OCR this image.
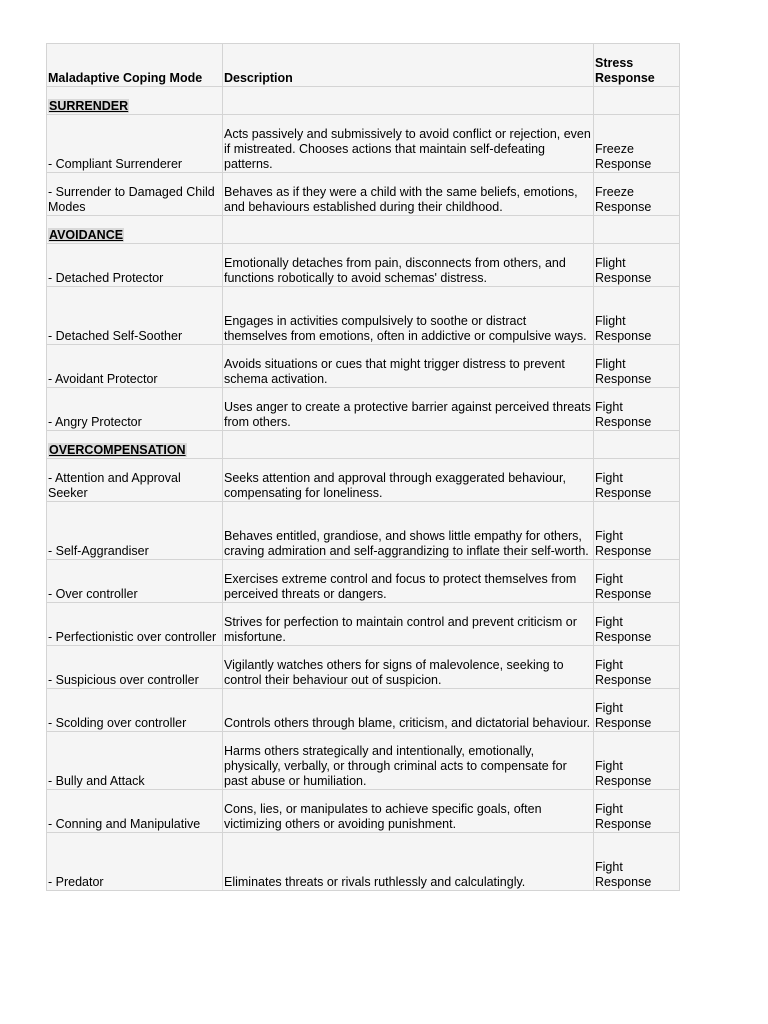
Maladaptive Coping Mode	Description	Stress Response
SURRENDER		
- Compliant Surrenderer	Acts passively and submissively to avoid conflict or rejection, even if mistreated. Chooses actions that maintain self-defeating patterns.	Freeze Response
- Surrender to Damaged Child Modes	Behaves as if they were a child with the same beliefs, emotions, and behaviours established during their childhood.	Freeze Response
AVOIDANCE		
- Detached Protector	Emotionally detaches from pain, disconnects from others, and functions robotically to avoid schemas' distress.	Flight Response
- Detached Self-Soother	Engages in activities compulsively to soothe or distract themselves from emotions, often in addictive or compulsive ways.	Flight Response
- Avoidant Protector	Avoids situations or cues that might trigger distress to prevent schema activation.	Flight Response
- Angry Protector	Uses anger to create a protective barrier against perceived threats from others.	Fight Response
OVERCOMPENSATION		
- Attention and Approval Seeker	Seeks attention and approval through exaggerated behaviour, compensating for loneliness.	Fight Response
- Self-Aggrandiser	Behaves entitled, grandiose, and shows little empathy for others, craving admiration and self-aggrandizing to inflate their self-worth.	Fight Response
- Over controller	Exercises extreme control and focus to protect themselves from perceived threats or dangers.	Fight Response
- Perfectionistic over controller	Strives for perfection to maintain control and prevent criticism or misfortune.	Fight Response
- Suspicious over controller	Vigilantly watches others for signs of malevolence, seeking to control their behaviour out of suspicion.	Fight Response
- Scolding over controller	Controls others through blame, criticism, and dictatorial behaviour.	Fight Response
- Bully and Attack	Harms others strategically and intentionally, emotionally, physically, verbally, or through criminal acts to compensate for past abuse or humiliation.	Fight Response
- Conning and Manipulative	Cons, lies, or manipulates to achieve specific goals, often victimizing others or avoiding punishment.	Fight Response
- Predator	Eliminates threats or rivals ruthlessly and calculatingly.	Fight Response
